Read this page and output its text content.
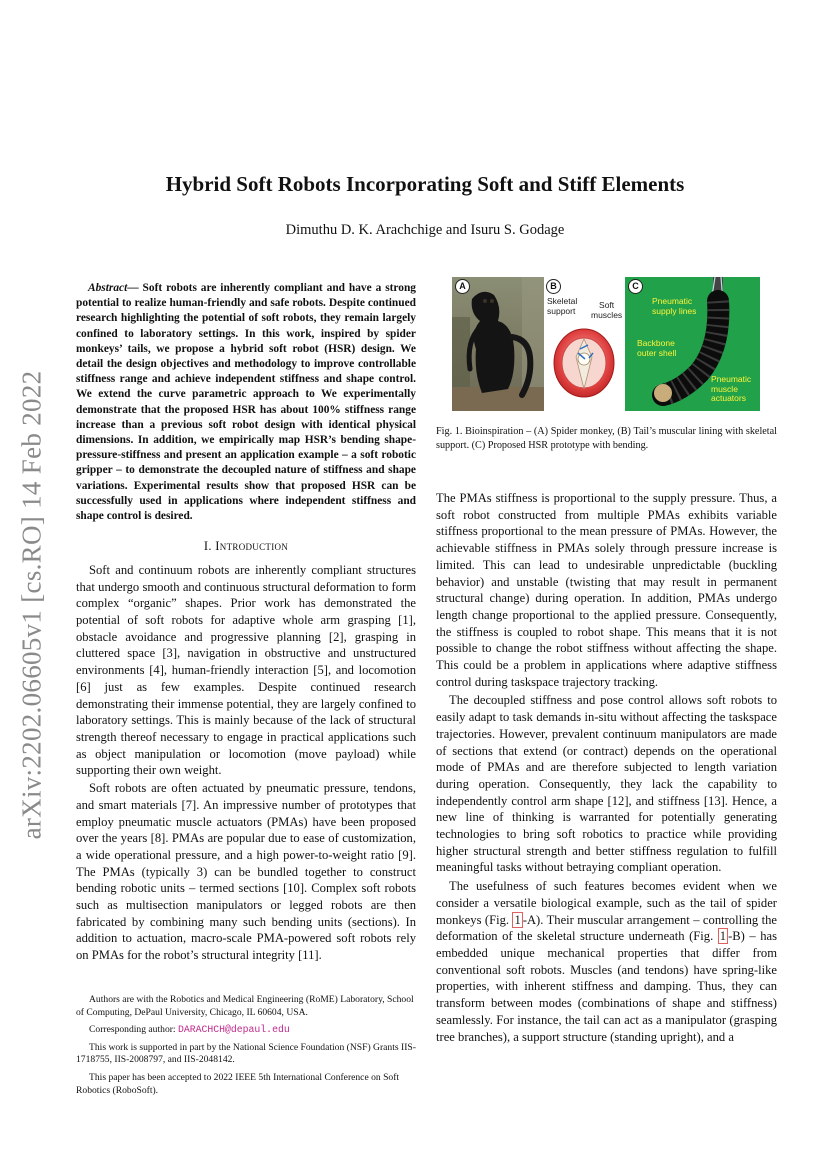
arXiv:2202.06605v1 [cs.RO] 14 Feb 2022
Hybrid Soft Robots Incorporating Soft and Stiff Elements
Dimuthu D. K. Arachchige and Isuru S. Godage

Abstract— Soft robots are inherently compliant and have a strong potential to realize human-friendly and safe robots. Despite continued research highlighting the potential of soft robots, they remain largely confined to laboratory settings. In this work, inspired by spider monkeys’ tails, we propose a hybrid soft robot (HSR) design. We detail the design objectives and methodology to improve controllable stiffness range and achieve independent stiffness and shape control. We extend the curve parametric approach to We experimentally demonstrate that the proposed HSR has about 100% stiffness range increase than a previous soft robot design with identical physical dimensions. In addition, we empirically map HSR’s bending shape-pressure-stiffness and present an application example – a soft robotic gripper – to demonstrate the decoupled nature of stiffness and shape variations. Experimental results show that proposed HSR can be successfully used in applications where independent stiffness and shape control is desired.

I. Introduction

Soft and continuum robots are inherently compliant structures that undergo smooth and continuous structural deformation to form complex “organic” shapes. Prior work has demonstrated the potential of soft robots for adaptive whole arm grasping [1], obstacle avoidance and progressive planning [2], grasping in cluttered space [3], navigation in obstructive and unstructured environments [4], human-friendly interaction [5], and locomotion [6] just as few examples. Despite continued research demonstrating their immense potential, they are largely confined to laboratory settings. This is mainly because of the lack of structural strength thereof necessary to engage in practical applications such as object manipulation or locomotion (move payload) while supporting their own weight.

Soft robots are often actuated by pneumatic pressure, tendons, and smart materials [7]. An impressive number of prototypes that employ pneumatic muscle actuators (PMAs) have been proposed over the years [8]. PMAs are popular due to ease of customization, a wide operational pressure, and a high power-to-weight ratio [9]. The PMAs (typically 3) can be bundled together to construct bending robotic units – termed sections [10]. Complex soft robots such as multisection manipulators or legged robots are then fabricated by combining many such bending units (sections). In addition to actuation, macro-scale PMA-powered soft robots rely on PMAs for the robot’s structural integrity [11].

Authors are with the Robotics and Medical Engineering (RoME) Laboratory, School of Computing, DePaul University, Chicago, IL 60604, USA.

Corresponding author: DARACHCH@depaul.edu

This work is supported in part by the National Science Foundation (NSF) Grants IIS-1718755, IIS-2008797, and IIS-2048142.

This paper has been accepted to 2022 IEEE 5th International Conference on Soft Robotics (RoboSoft).

A	B
Skeletal
support
Soft
muscles
C
Pneumatic
supply lines
Backbone
outer shell
Pneumatic
muscle
actuators

Fig. 1. Bioinspiration – (A) Spider monkey, (B) Tail’s muscular lining with skeletal support. (C) Proposed HSR prototype with bending.

The PMAs stiffness is proportional to the supply pressure. Thus, a soft robot constructed from multiple PMAs exhibits variable stiffness proportional to the mean pressure of PMAs. However, the achievable stiffness in PMAs solely through pressure increase is limited. This can lead to undesirable unpredictable (buckling behavior) and unstable (twisting that may result in permanent structural change) during operation. In addition, PMAs undergo length change proportional to the applied pressure. Consequently, the stiffness is coupled to robot shape. This means that it is not possible to change the robot stiffness without affecting the shape. This could be a problem in applications where adaptive stiffness control during taskspace trajectory tracking.

The decoupled stiffness and pose control allows soft robots to easily adapt to task demands in-situ without affecting the taskspace trajectories. However, prevalent continuum manipulators are made of sections that extend (or contract) depends on the operational mode of PMAs and are therefore subjected to length variation during operation. Consequently, they lack the capability to independently control arm shape [12], and stiffness [13]. Hence, a new line of thinking is warranted for potentially generating technologies to bring soft robotics to practice while providing higher structural strength and better stiffness regulation to fulfill meaningful tasks without betraying compliant operation.

The usefulness of such features becomes evident when we consider a versatile biological example, such as the tail of spider monkeys (Fig. 1 -A). Their muscular arrangement – controlling the deformation of the skeletal structure underneath (Fig. 1 -B) – has embedded unique mechanical properties that differ from conventional soft robots. Muscles (and tendons) have spring-like properties, with inherent stiffness and damping. Thus, they can transform between modes (combinations of shape and stiffness) seamlessly. For instance, the tail can act as a manipulator (grasping tree branches), a support structure (standing upright), and a
